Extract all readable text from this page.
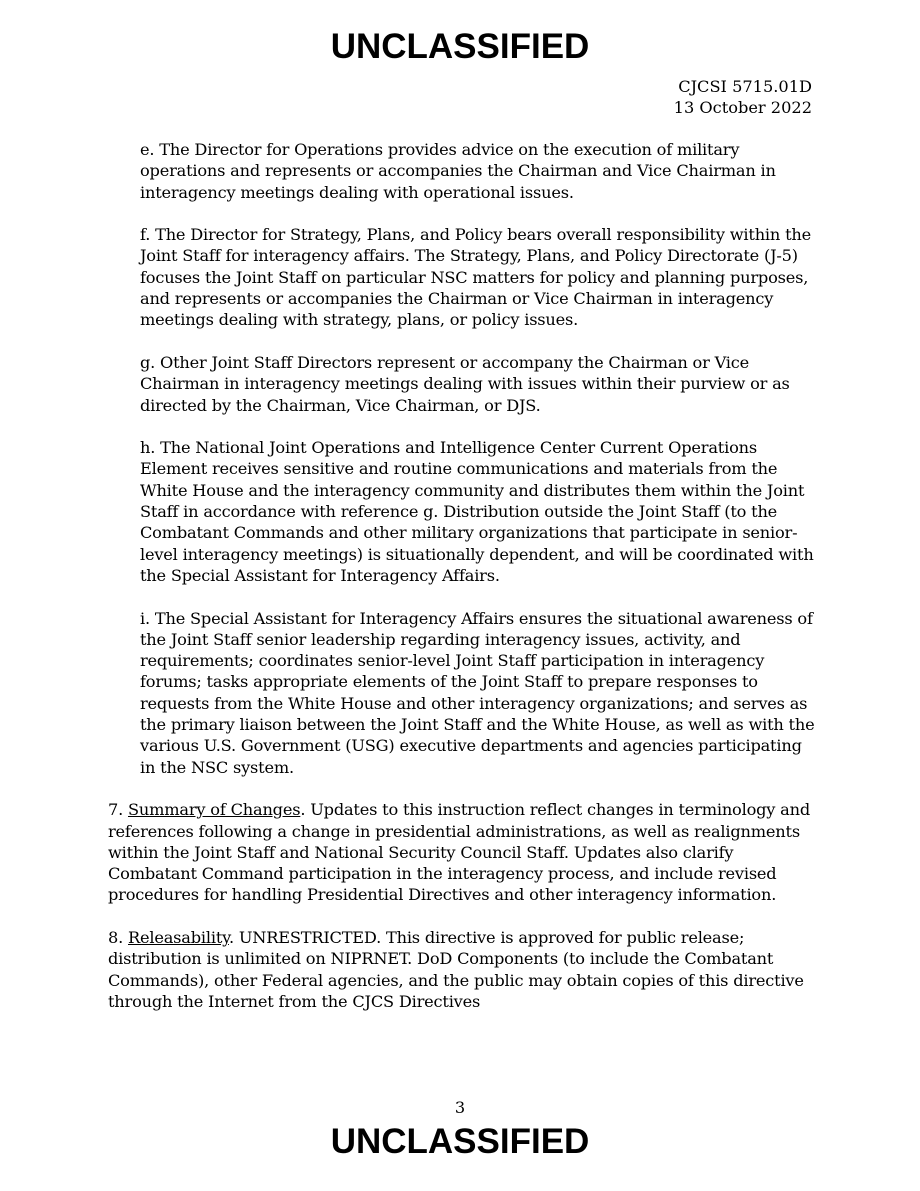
UNCLASSIFIED
CJCSI 5715.01D
13 October 2022

e. The Director for Operations provides advice on the execution of military operations and represents or accompanies the Chairman and Vice Chairman in interagency meetings dealing with operational issues.

f. The Director for Strategy, Plans, and Policy bears overall responsibility within the Joint Staff for interagency affairs. The Strategy, Plans, and Policy Directorate (J-5) focuses the Joint Staff on particular NSC matters for policy and planning purposes, and represents or accompanies the Chairman or Vice Chairman in interagency meetings dealing with strategy, plans, or policy issues.

g. Other Joint Staff Directors represent or accompany the Chairman or Vice Chairman in interagency meetings dealing with issues within their purview or as directed by the Chairman, Vice Chairman, or DJS.

h. The National Joint Operations and Intelligence Center Current Operations Element receives sensitive and routine communications and materials from the White House and the interagency community and distributes them within the Joint Staff in accordance with reference g. Distribution outside the Joint Staff (to the Combatant Commands and other military organizations that participate in senior-level interagency meetings) is situationally dependent, and will be coordinated with the Special Assistant for Interagency Affairs.

i. The Special Assistant for Interagency Affairs ensures the situational awareness of the Joint Staff senior leadership regarding interagency issues, activity, and requirements; coordinates senior-level Joint Staff participation in interagency forums; tasks appropriate elements of the Joint Staff to prepare responses to requests from the White House and other interagency organizations; and serves as the primary liaison between the Joint Staff and the White House, as well as with the various U.S. Government (USG) executive departments and agencies participating in the NSC system.

7. Summary of Changes. Updates to this instruction reflect changes in terminology and references following a change in presidential administrations, as well as realignments within the Joint Staff and National Security Council Staff. Updates also clarify Combatant Command participation in the interagency process, and include revised procedures for handling Presidential Directives and other interagency information.

8. Releasability. UNRESTRICTED. This directive is approved for public release; distribution is unlimited on NIPRNET. DoD Components (to include the Combatant Commands), other Federal agencies, and the public may obtain copies of this directive through the Internet from the CJCS Directives

3
UNCLASSIFIED
